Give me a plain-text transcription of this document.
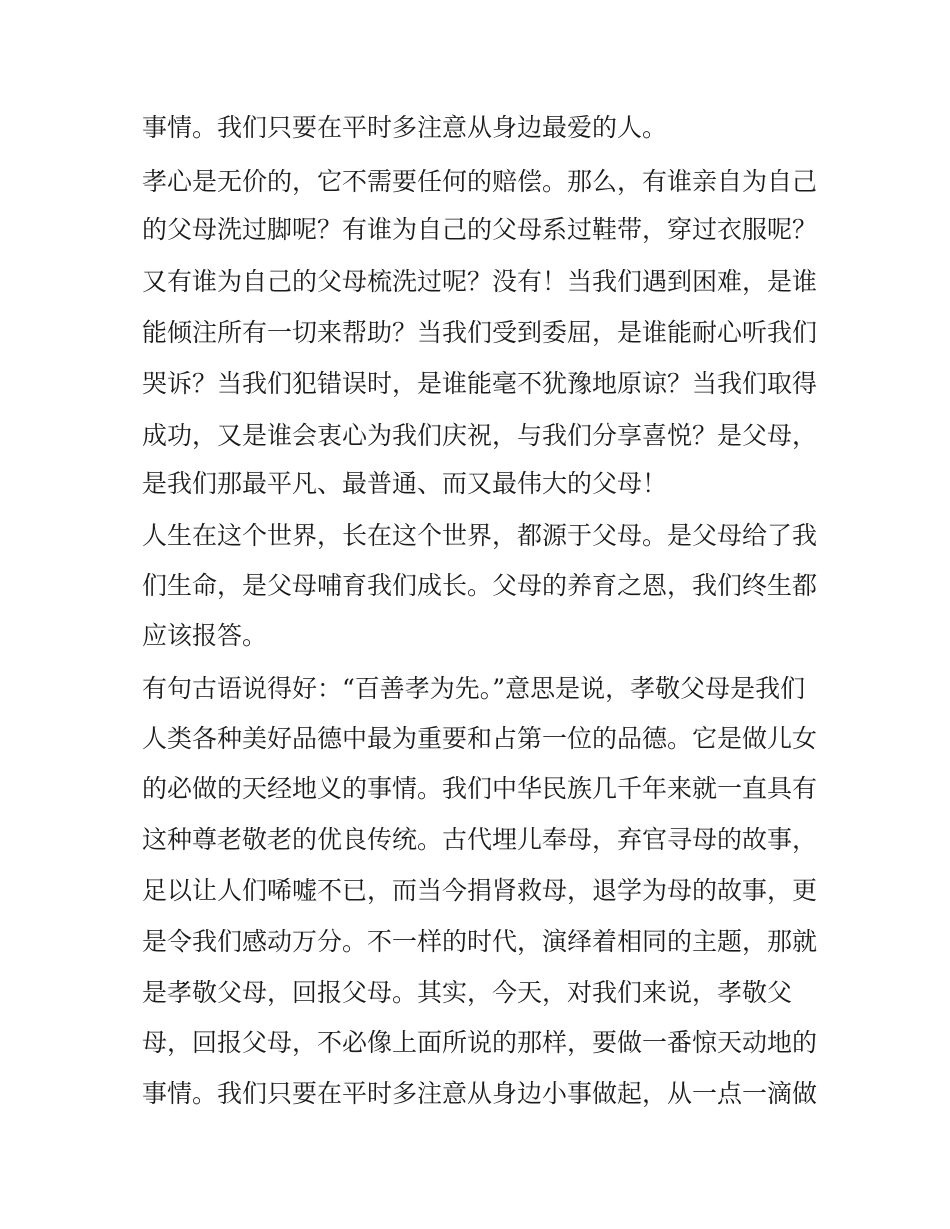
事情。我们只要在平时多注意从身边最爱的人。

孝心是无价的，它不需要任何的赔偿。那么，有谁亲自为自己

的父母洗过脚呢？有谁为自己的父母系过鞋带，穿过衣服呢？

又有谁为自己的父母梳洗过呢？没有！当我们遇到困难，是谁

能倾注所有一切来帮助？当我们受到委屈，是谁能耐心听我们

哭诉？当我们犯错误时，是谁能毫不犹豫地原谅？当我们取得

成功，又是谁会衷心为我们庆祝，与我们分享喜悦？是父母，

是我们那最平凡、最普通、而又最伟大的父母！

人生在这个世界，长在这个世界，都源于父母。是父母给了我

们生命，是父母哺育我们成长。父母的养育之恩，我们终生都

应该报答。

有句古语说得好：“百善孝为先。”意思是说，孝敬父母是我们

人类各种美好品德中最为重要和占第一位的品德。它是做儿女

的必做的天经地义的事情。我们中华民族几千年来就一直具有

这种尊老敬老的优良传统。古代埋儿奉母，弃官寻母的故事，

足以让人们唏嘘不已，而当今捐肾救母，退学为母的故事，更

是令我们感动万分。不一样的时代，演绎着相同的主题，那就

是孝敬父母，回报父母。其实，今天，对我们来说，孝敬父

母，回报父母，不必像上面所说的那样，要做一番惊天动地的

事情。我们只要在平时多注意从身边小事做起，从一点一滴做
